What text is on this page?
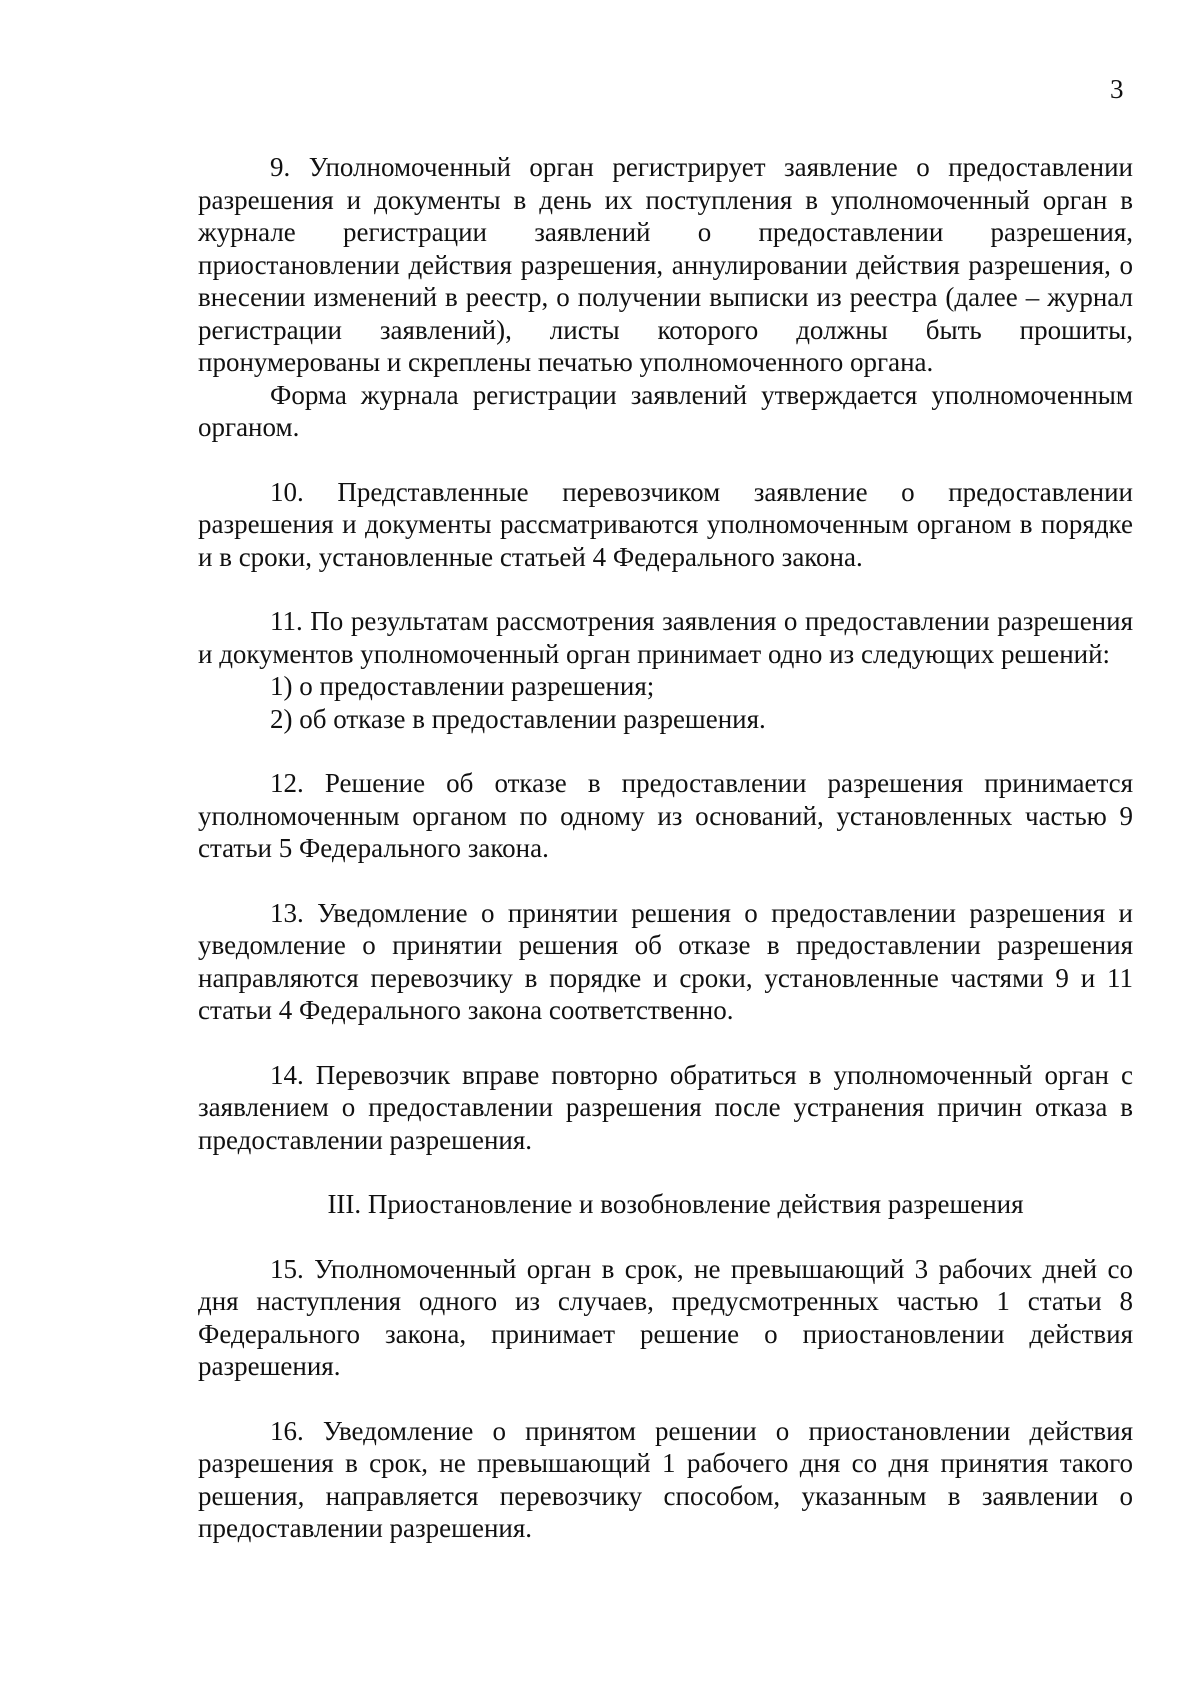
3

9. Уполномоченный орган регистрирует заявление о предоставлении разрешения и документы в день их поступления в уполномоченный орган в журнале регистрации заявлений о предоставлении разрешения, приостановлении действия разрешения, аннулировании действия разрешения, о внесении изменений в реестр, о получении выписки из реестра (далее – журнал регистрации заявлений), листы которого должны быть прошиты, пронумерованы и скреплены печатью уполномоченного органа.

Форма журнала регистрации заявлений утверждается уполномоченным органом.

10. Представленные перевозчиком заявление о предоставлении разрешения и документы рассматриваются уполномоченным органом в порядке и в сроки, установленные статьей 4 Федерального закона.

11. По результатам рассмотрения заявления о предоставлении разрешения и документов уполномоченный орган принимает одно из следующих решений:

1) о предоставлении разрешения;

2) об отказе в предоставлении разрешения.

12. Решение об отказе в предоставлении разрешения принимается уполномоченным органом по одному из оснований, установленных частью 9 статьи 5 Федерального закона.

13. Уведомление о принятии решения о предоставлении разрешения и уведомление о принятии решения об отказе в предоставлении разрешения направляются перевозчику в порядке и сроки, установленные частями 9 и 11 статьи 4 Федерального закона соответственно.

14. Перевозчик вправе повторно обратиться в уполномоченный орган с заявлением о предоставлении разрешения после устранения причин отказа в предоставлении разрешения.

III. Приостановление и возобновление действия разрешения

15. Уполномоченный орган в срок, не превышающий 3 рабочих дней со дня наступления одного из случаев, предусмотренных частью 1 статьи 8 Федерального закона, принимает решение о приостановлении действия разрешения.

16. Уведомление о принятом решении о приостановлении действия разрешения в срок, не превышающий 1 рабочего дня со дня принятия такого решения, направляется перевозчику способом, указанным в заявлении о предоставлении разрешения.
